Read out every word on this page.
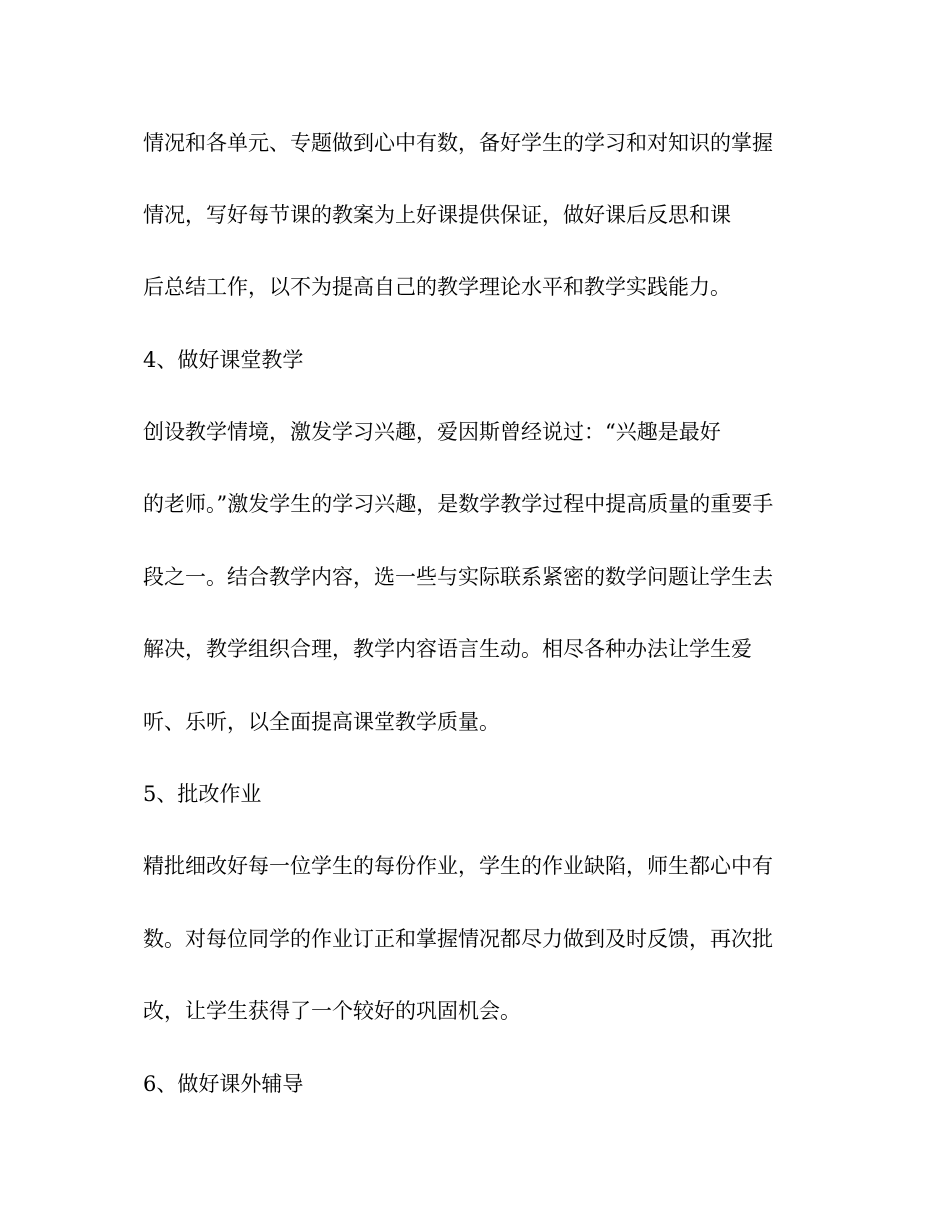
情况和各单元、专题做到心中有数，备好学生的学习和对知识的掌握
情况，写好每节课的教案为上好课提供保证，做好课后反思和课
后总结工作，以不为提高自己的教学理论水平和教学实践能力。
4、做好课堂教学
创设教学情境，激发学习兴趣，爱因斯曾经说过：“兴趣是最好
的老师。”激发学生的学习兴趣，是数学教学过程中提高质量的重要手
段之一。结合教学内容，选一些与实际联系紧密的数学问题让学生去
解决，教学组织合理，教学内容语言生动。相尽各种办法让学生爱
听、乐听，以全面提高课堂教学质量。
5、批改作业
精批细改好每一位学生的每份作业，学生的作业缺陷，师生都心中有
数。对每位同学的作业订正和掌握情况都尽力做到及时反馈，再次批
改，让学生获得了一个较好的巩固机会。
6、做好课外辅导
